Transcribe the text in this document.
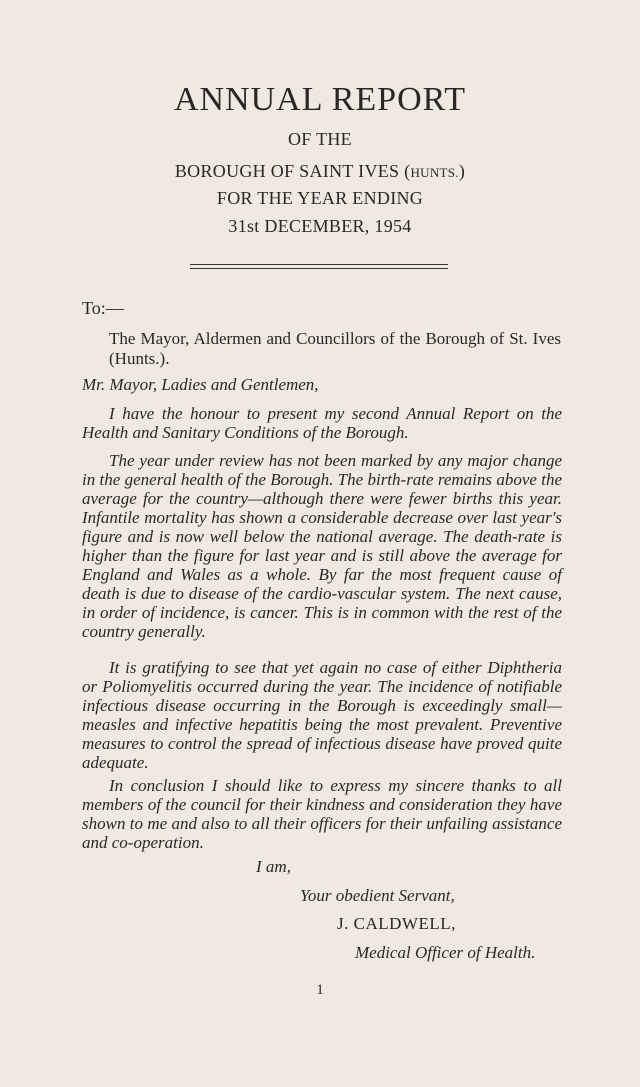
ANNUAL REPORT
OF THE
BOROUGH OF SAINT IVES (HUNTS.)
FOR THE YEAR ENDING
31st DECEMBER, 1954
To:—
The Mayor, Aldermen and Councillors of the Borough of St. Ives (Hunts.).
Mr. Mayor, Ladies and Gentlemen,
I have the honour to present my second Annual Report on the Health and Sanitary Conditions of the Borough.
The year under review has not been marked by any major change in the general health of the Borough. The birth-rate remains above the average for the country—although there were fewer births this year. Infantile mortality has shown a considerable decrease over last year's figure and is now well below the national average. The death-rate is higher than the figure for last year and is still above the average for England and Wales as a whole. By far the most frequent cause of death is due to disease of the cardio-vascular system. The next cause, in order of incidence, is cancer. This is in common with the rest of the country generally.
It is gratifying to see that yet again no case of either Diphtheria or Poliomyelitis occurred during the year. The incidence of notifiable infectious disease occurring in the Borough is exceedingly small—measles and infective hepatitis being the most prevalent. Preventive measures to control the spread of infectious disease have proved quite adequate.
In conclusion I should like to express my sincere thanks to all members of the council for their kindness and consideration they have shown to me and also to all their officers for their unfailing assistance and co-operation.
I am,
Your obedient Servant,
J. CALDWELL,
Medical Officer of Health.
1
